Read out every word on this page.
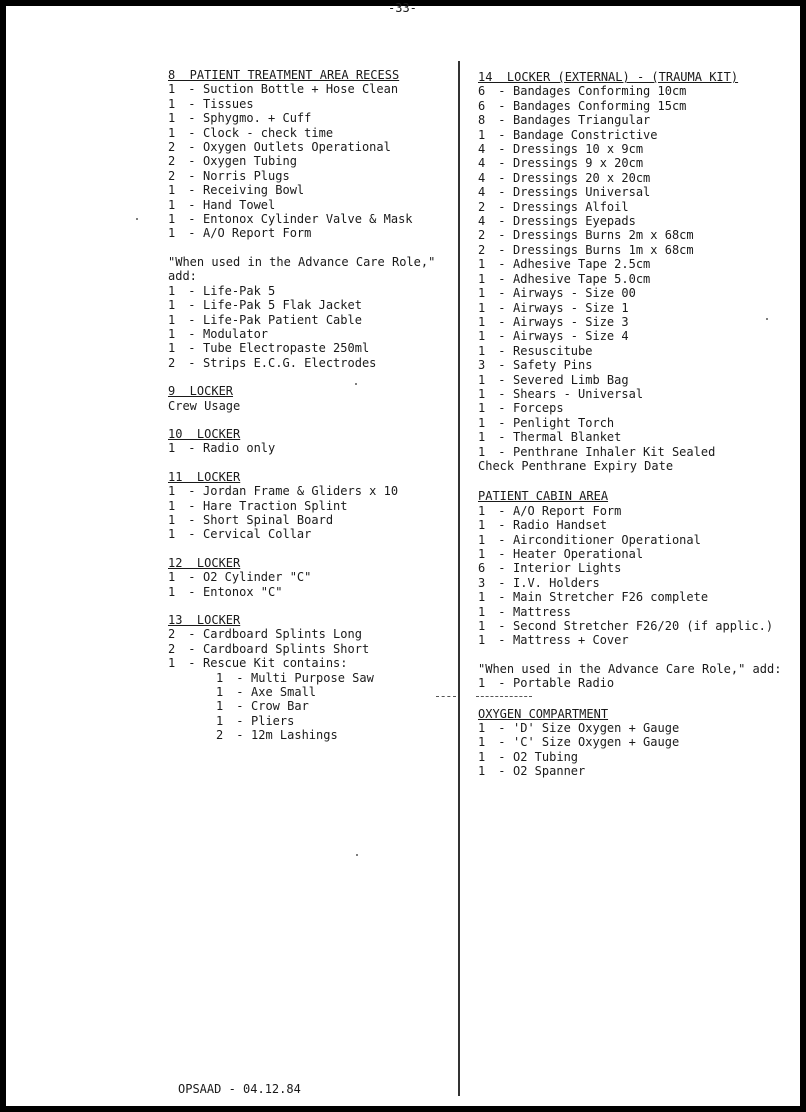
-33-
8  PATIENT TREATMENT AREA RECESS
1 - Suction Bottle + Hose Clean
1 - Tissues
1 - Sphygmo. + Cuff
1 - Clock - check time
2 - Oxygen Outlets Operational
2 - Oxygen Tubing
2 - Norris Plugs
1 - Receiving Bowl
1 - Hand Towel
1 - Entonox Cylinder Valve & Mask
1 - A/O Report Form
"When used in the Advance Care Role,"
add:
1 - Life-Pak 5
1 - Life-Pak 5 Flak Jacket
1 - Life-Pak Patient Cable
1 - Modulator
1 - Tube Electropaste 250ml
2 - Strips E.C.G. Electrodes
9  LOCKER
Crew Usage
10  LOCKER
1 - Radio only
11  LOCKER
1 - Jordan Frame & Gliders x 10
1 - Hare Traction Splint
1 - Short Spinal Board
1 - Cervical Collar
12  LOCKER
1 - O2 Cylinder "C"
1 - Entonox "C"
13  LOCKER
2 - Cardboard Splints Long
2 - Cardboard Splints Short
1 - Rescue Kit contains:
1 - Multi Purpose Saw
1 - Axe Small
1 - Crow Bar
1 - Pliers
2 - 12m Lashings
14  LOCKER (EXTERNAL) - (TRAUMA KIT)
6 - Bandages Conforming 10cm
6 - Bandages Conforming 15cm
8 - Bandages Triangular
1 - Bandage Constrictive
4 - Dressings 10 x 9cm
4 - Dressings 9 x 20cm
4 - Dressings 20 x 20cm
4 - Dressings Universal
2 - Dressings Alfoil
4 - Dressings Eyepads
2 - Dressings Burns 2m x 68cm
2 - Dressings Burns 1m x 68cm
1 - Adhesive Tape 2.5cm
1 - Adhesive Tape 5.0cm
1 - Airways - Size 00
1 - Airways - Size 1
1 - Airways - Size 3
1 - Airways - Size 4
1 - Resuscitube
3 - Safety Pins
1 - Severed Limb Bag
1 - Shears - Universal
1 - Forceps
1 - Penlight Torch
1 - Thermal Blanket
1 - Penthrane Inhaler Kit Sealed
Check Penthrane Expiry Date
PATIENT CABIN AREA
1 - A/O Report Form
1 - Radio Handset
1 - Airconditioner Operational
1 - Heater Operational
6 - Interior Lights
3 - I.V. Holders
1 - Main Stretcher F26 complete
1 - Mattress
1 - Second Stretcher F26/20 (if applic.)
1 - Mattress + Cover
"When used in the Advance Care Role," add:
1 - Portable Radio
OXYGEN COMPARTMENT
1 - 'D' Size Oxygen + Gauge
1 - 'C' Size Oxygen + Gauge
1 - O2 Tubing
1 - O2 Spanner
OPSAAD - 04.12.84
